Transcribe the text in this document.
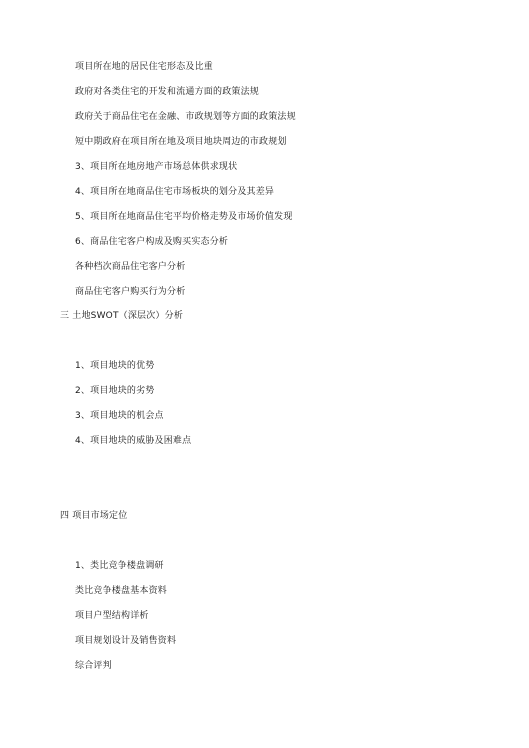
项目所在地的居民住宅形态及比重
政府对各类住宅的开发和流通方面的政策法规
政府关于商品住宅在金融、市政规划等方面的政策法规
短中期政府在项目所在地及项目地块周边的市政规划
3、项目所在地房地产市场总体供求现状
4、项目所在地商品住宅市场板块的划分及其差异
5、项目所在地商品住宅平均价格走势及市场价值发现
6、商品住宅客户构成及购买实态分析
各种档次商品住宅客户分析
商品住宅客户购买行为分析
三 土地SWOT（深层次）分析
1、项目地块的优势
2、项目地块的劣势
3、项目地块的机会点
4、项目地块的威胁及困难点
四 项目市场定位
1、类比竞争楼盘调研
类比竞争楼盘基本资料
项目户型结构详析
项目规划设计及销售资料
综合评判
